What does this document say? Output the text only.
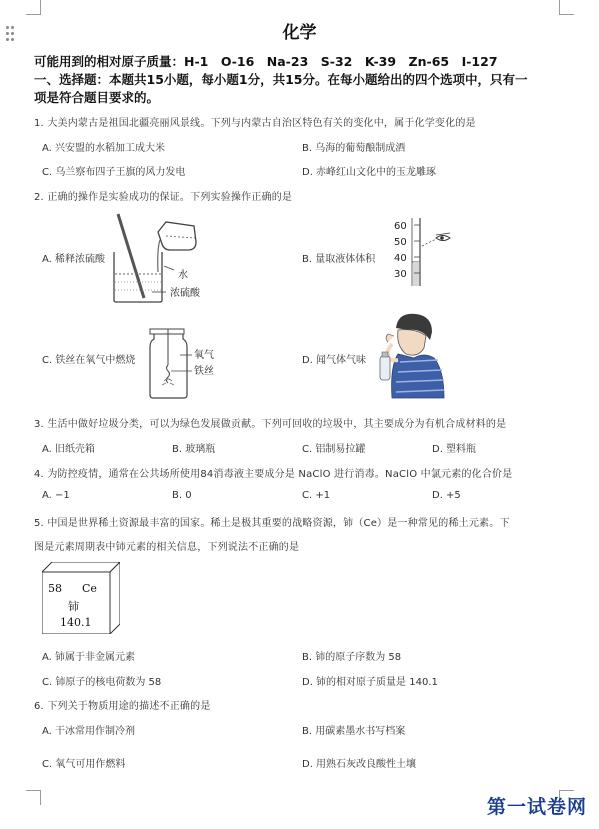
化学
可能用到的相对原子质量：H-1　O-16　Na-23　S-32　K-39　Zn-65　I-127
一、选择题：本题共15小题，每小题1分，共15分。在每小题给出的四个选项中，只有一
项是符合题目要求的。
1. 大美内蒙古是祖国北疆亮丽风景线。下列与内蒙古自治区特色有关的变化中，属于化学变化的是
A. 兴安盟的水稻加工成大米	B. 乌海的葡萄酿制成酒
C. 乌兰察布四子王旗的风力发电	D. 赤峰红山文化中的玉龙雕琢
2. 正确的操作是实验成功的保证。下列实验操作正确的是
A. 稀释浓硫酸
水
浓硫酸
B. 量取液体体积
60
50
40
30
C. 铁丝在氧气中燃烧	氧气
铁丝
D. 闻气体气味
3. 生活中做好垃圾分类，可以为绿色发展做贡献。下列可回收的垃圾中，其主要成分为有机合成材料的是
A. 旧纸壳箱	B. 玻璃瓶	C. 铝制易拉罐	D. 塑料瓶
4. 为防控疫情，通常在公共场所使用84消毒液主要成分是 NaClO 进行消毒。NaClO 中氯元素的化合价是
A. −1	B. 0	C. +1	D. +5
5. 中国是世界稀土资源最丰富的国家。稀土是极其重要的战略资源，铈（Ce）是一种常见的稀土元素。下
图是元素周期表中铈元素的相关信息，下列说法不正确的是
58 Ce
铈
140.1
A. 铈属于非金属元素	B. 铈的原子序数为 58
C. 铈原子的核电荷数为 58	D. 铈的相对原子质量是 140.1
6. 下列关于物质用途的描述不正确的是
A. 干冰常用作制冷剂	B. 用碳素墨水书写档案
C. 氧气可用作燃料	D. 用熟石灰改良酸性土壤
第一试卷网
